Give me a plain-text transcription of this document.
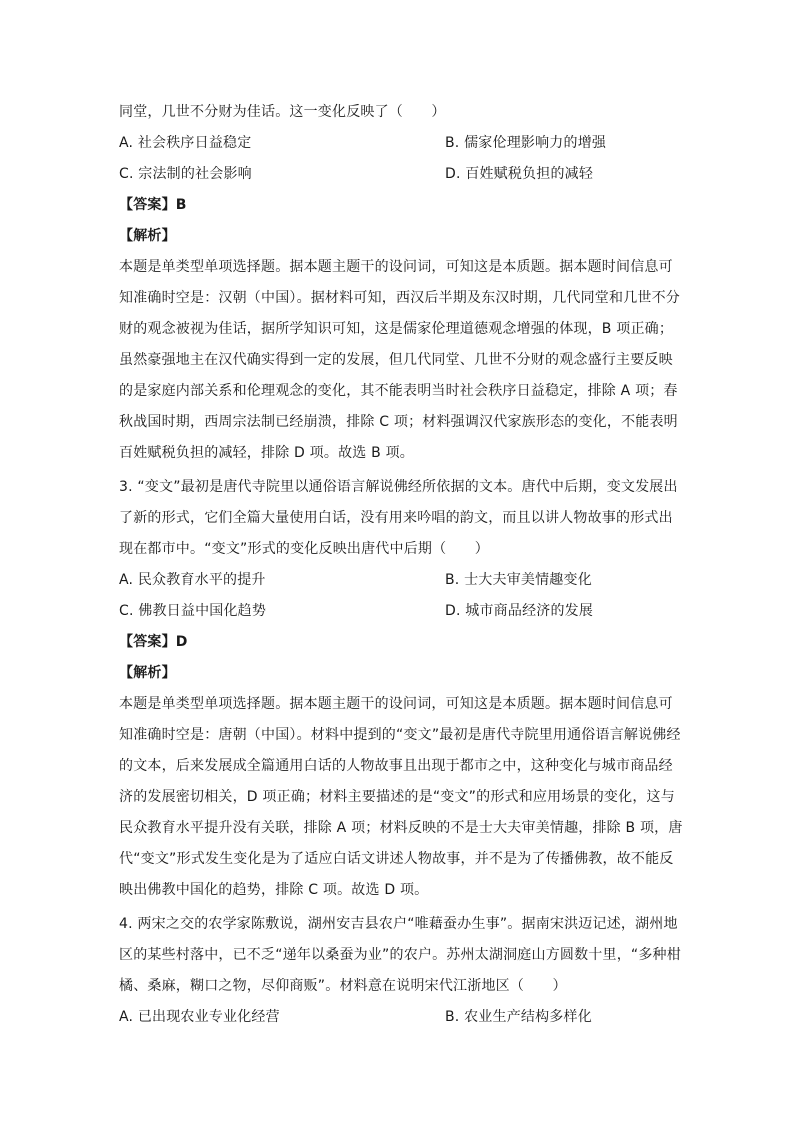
同堂，几世不分财为佳话。这一变化反映了（　　）
A. 社会秩序日益稳定	B. 儒家伦理影响力的增强
C. 宗法制的社会影响	D. 百姓赋税负担的减轻
【答案】B
【解析】
本题是单类型单项选择题。据本题主题干的设问词，可知这是本质题。据本题时间信息可
知准确时空是：汉朝（中国）。据材料可知，西汉后半期及东汉时期，几代同堂和几世不分
财的观念被视为佳话，据所学知识可知，这是儒家伦理道德观念增强的体现，B 项正确；
虽然豪强地主在汉代确实得到一定的发展，但几代同堂、几世不分财的观念盛行主要反映
的是家庭内部关系和伦理观念的变化，其不能表明当时社会秩序日益稳定，排除 A 项；春
秋战国时期，西周宗法制已经崩溃，排除 C 项；材料强调汉代家族形态的变化，不能表明
百姓赋税负担的减轻，排除 D 项。故选 B 项。
3. “变文”最初是唐代寺院里以通俗语言解说佛经所依据的文本。唐代中后期，变文发展出
了新的形式，它们全篇大量使用白话，没有用来吟唱的韵文，而且以讲人物故事的形式出
现在都市中。“变文”形式的变化反映出唐代中后期（　　）
A. 民众教育水平的提升	B. 士大夫审美情趣变化
C. 佛教日益中国化趋势	D. 城市商品经济的发展
【答案】D
【解析】
本题是单类型单项选择题。据本题主题干的设问词，可知这是本质题。据本题时间信息可
知准确时空是：唐朝（中国）。材料中提到的“变文”最初是唐代寺院里用通俗语言解说佛经
的文本，后来发展成全篇通用白话的人物故事且出现于都市之中，这种变化与城市商品经
济的发展密切相关，D 项正确；材料主要描述的是“变文”的形式和应用场景的变化，这与
民众教育水平提升没有关联，排除 A 项；材料反映的不是士大夫审美情趣，排除 B 项，唐
代“变文”形式发生变化是为了适应白话文讲述人物故事，并不是为了传播佛教，故不能反
映出佛教中国化的趋势，排除 C 项。故选 D 项。
4. 两宋之交的农学家陈敷说，湖州安吉县农户“唯藉蚕办生事”。据南宋洪迈记述，湖州地
区的某些村落中，已不乏“递年以桑蚕为业”的农户。苏州太湖洞庭山方圆数十里，“多种柑
橘、桑麻，糊口之物，尽仰商贩”。材料意在说明宋代江浙地区（　　）
A. 已出现农业专业化经营	B. 农业生产结构多样化
